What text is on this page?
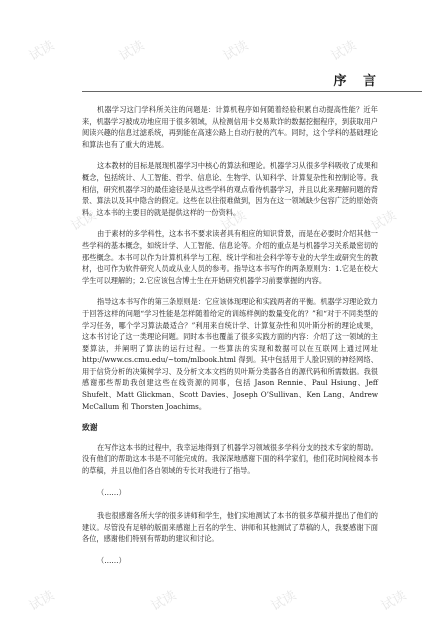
试读	试读	试读	试读
试读	试读	试读
试读	试读	试读	试读
序 言

机器学习这门学科所关注的问题是：计算机程序如何随着经验积累自动提高性能？近年来，机器学习被成功地应用于很多领域，从检测信用卡交易欺诈的数据挖掘程序，到获取用户阅读兴趣的信息过滤系统，再到能在高速公路上自动行驶的汽车。同时，这个学科的基础理论和算法也有了重大的进展。

这本教材的目标是展现机器学习中核心的算法和理论。机器学习从很多学科吸收了成果和概念，包括统计、人工智能、哲学、信息论、生物学、认知科学、计算复杂性和控制论等。我相信，研究机器学习的最佳途径是从这些学科的观点看待机器学习，并且以此来理解问题的背景、算法以及其中隐含的假定。这些在以往很难做到，因为在这一领域缺少包容广泛的原始资料。这本书的主要目的就是提供这样的一份资料。

由于素材的多学科性，这本书不要求读者具有相应的知识背景，而是在必要时介绍其他一些学科的基本概念，如统计学、人工智能、信息论等。介绍的重点是与机器学习关系最密切的那些概念。本书可以作为计算机科学与工程、统计学和社会科学等专业的大学生或研究生的教材，也可作为软件研究人员或从业人员的参考。指导这本书写作的两条原则为：1.它是在校大学生可以理解的；2.它应该包含博士生在开始研究机器学习前要掌握的内容。

指导这本书写作的第三条原则是：它应该体现理论和实践两者的平衡。机器学习理论致力于回答这样的问题“学习性能是怎样随着给定的训练样例的数量变化的？”和“对于不同类型的学习任务，哪个学习算法最适合？”利用来自统计学、计算复杂性和贝叶斯分析的理论成果，这本书讨论了这一类理论问题。同时本书也覆盖了很多实践方面的内容：介绍了这一领域的主要算法，并阐明了算法的运行过程。一些算法的实现和数据可以在互联网上通过网址 http://www.cs.cmu.edu/~tom/mlbook.html 得到。其中包括用于人脸识别的神经网络、用于信贷分析的决策树学习、及分析文本文档的贝叶斯分类器各自的源代码和所需数据。我很感谢那些帮助我创建这些在线资源的同事，包括 Jason Rennie、Paul Hsiung、Jeff Shufelt、Matt Glickman、Scott Davies、Joseph O’Sullivan、Ken Lang、Andrew McCallum 和 Thorsten Joachims。

致谢

在写作这本书的过程中，我幸运地得到了机器学习领域很多学科分支的技术专家的帮助。没有他们的帮助这本书是不可能完成的。我深深地感谢下面的科学家们，他们花时间检阅本书的草稿，并且以他们各自领域的专长对我进行了指导。

（……）

我也很感谢各所大学的很多讲师和学生，他们实地测试了本书的很多草稿并提出了他们的建议。尽管没有足够的版面来感谢上百名的学生、讲师和其他测试了草稿的人，我要感谢下面各位，感谢他们特别有帮助的建议和讨论。

（……）
